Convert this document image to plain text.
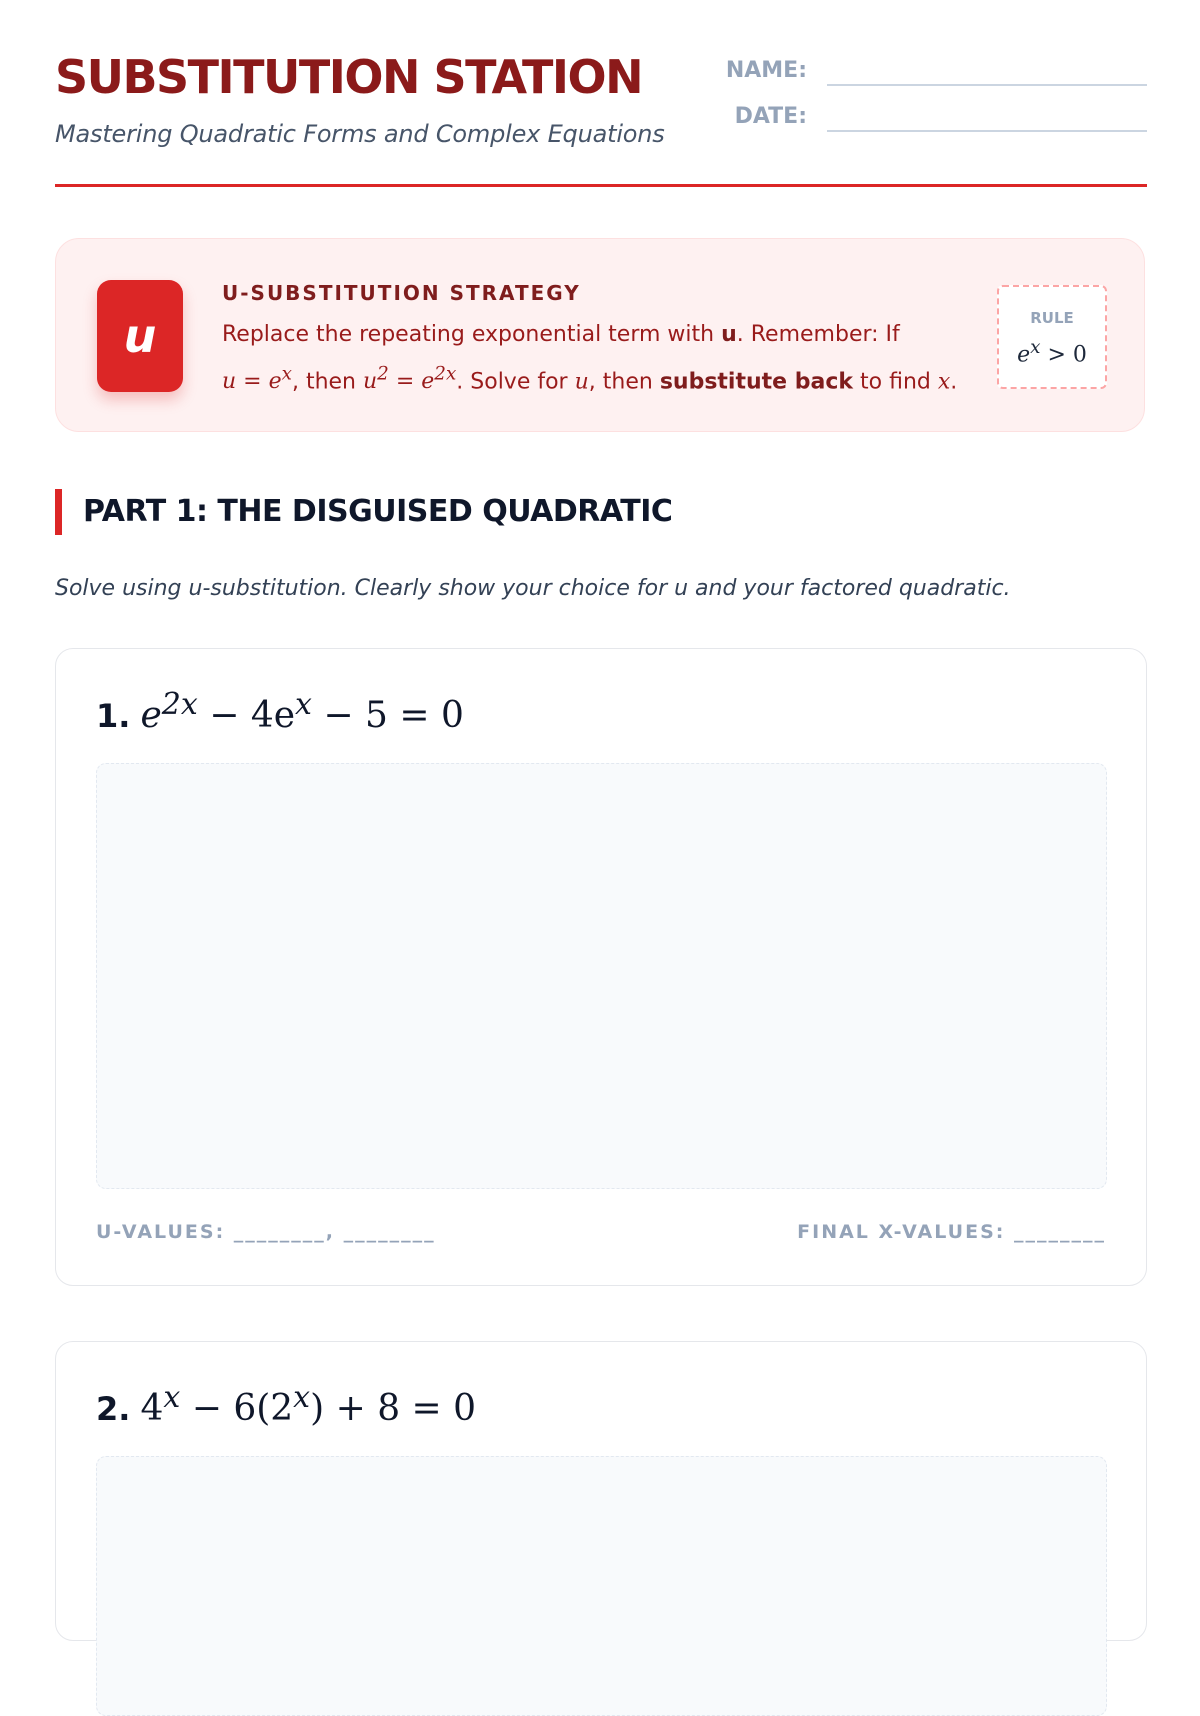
SUBSTITUTION STATION
Mastering Quadratic Forms and Complex Equations
NAME:
DATE:
u
U-SUBSTITUTION STRATEGY
Replace the repeating exponential term with u. Remember: If
$u = e^x$, then $u^2 = e^{2x}$. Solve for u, then substitute back to find x.
RULE
$e^x > 0$
PART 1: THE DISGUISED QUADRATIC
Solve using u-substitution. Clearly show your choice for u and your factored quadratic.
1. $e^{2x} - 4e^x - 5 = 0$
U-VALUES: ________, ________	FINAL X-VALUES: ________
2. $4^x - 6(2^x) + 8 = 0$
